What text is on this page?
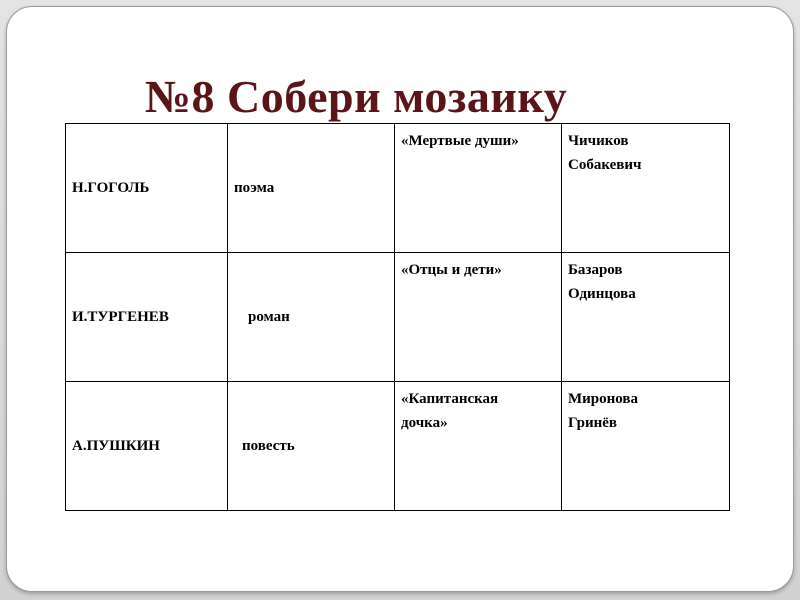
№8 Собери мозаику
Н.ГОГОЛЬ	поэма	«Мертвые души»	Чичиков
Собакевич

И.ТУРГЕНЕВ	роман	«Отцы и дети»	Базаров
Одинцова

А.ПУШКИН	повесть	«Капитанская
дочка»	Миронова
Гринёв
